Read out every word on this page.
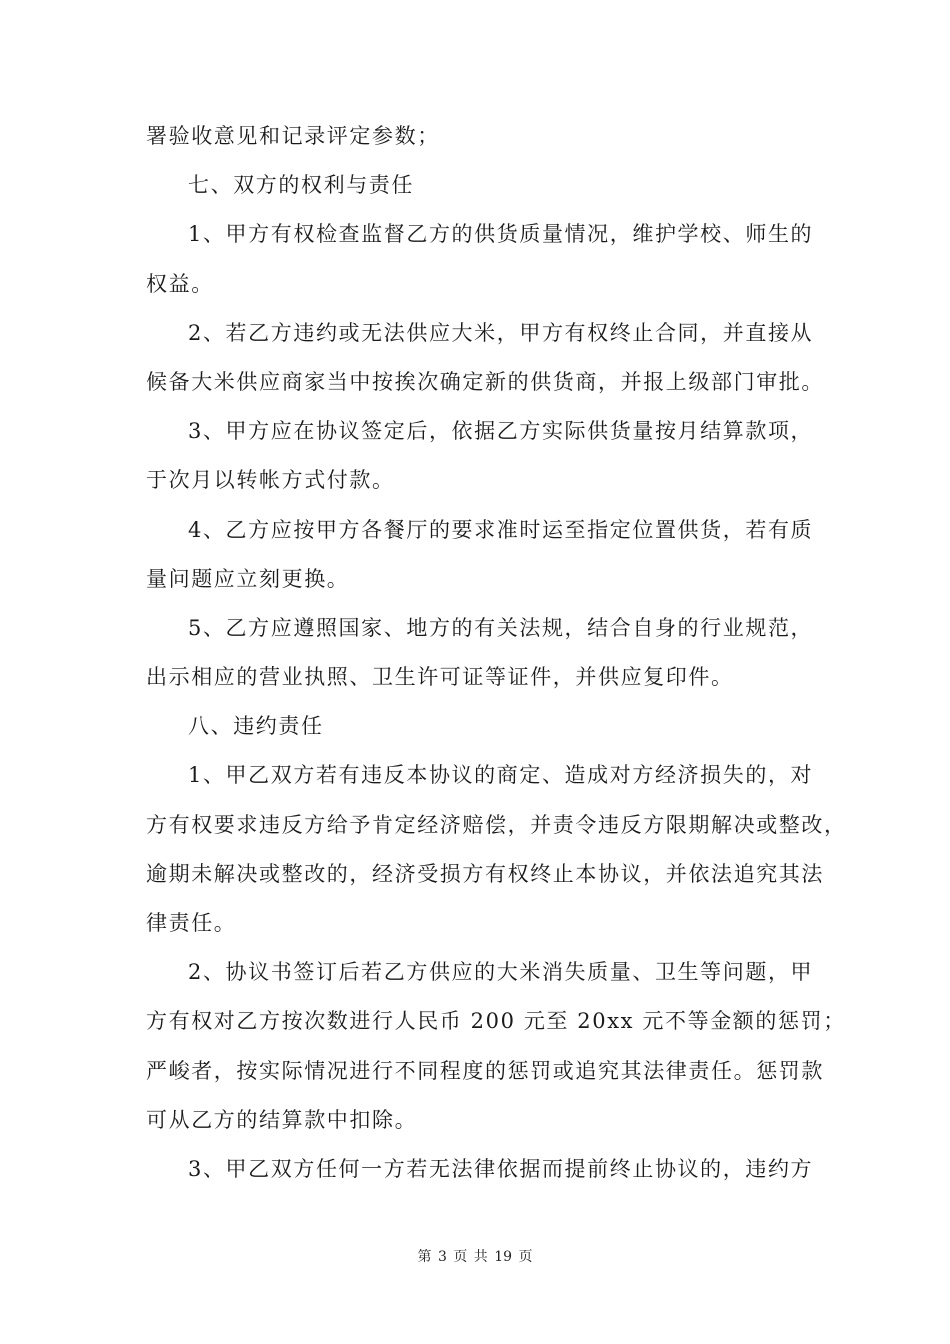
署验收意见和记录评定参数；
七、双方的权利与责任
1、甲方有权检查监督乙方的供货质量情况，维护学校、师生的
权益。
2、若乙方违约或无法供应大米，甲方有权终止合同，并直接从
候备大米供应商家当中按挨次确定新的供货商，并报上级部门审批。
3、甲方应在协议签定后，依据乙方实际供货量按月结算款项，
于次月以转帐方式付款。
4、乙方应按甲方各餐厅的要求准时运至指定位置供货，若有质
量问题应立刻更换。
5、乙方应遵照国家、地方的有关法规，结合自身的行业规范，
出示相应的营业执照、卫生许可证等证件，并供应复印件。
八、违约责任
1、甲乙双方若有违反本协议的商定、造成对方经济损失的，对
方有权要求违反方给予肯定经济赔偿，并责令违反方限期解决或整改，
逾期未解决或整改的，经济受损方有权终止本协议，并依法追究其法
律责任。
2、协议书签订后若乙方供应的大米消失质量、卫生等问题，甲
方有权对乙方按次数进行人民币 200 元至 20xx 元不等金额的惩罚；
严峻者，按实际情况进行不同程度的惩罚或追究其法律责任。惩罚款
可从乙方的结算款中扣除。
3、甲乙双方任何一方若无法律依据而提前终止协议的，违约方
第 3 页 共 19 页
